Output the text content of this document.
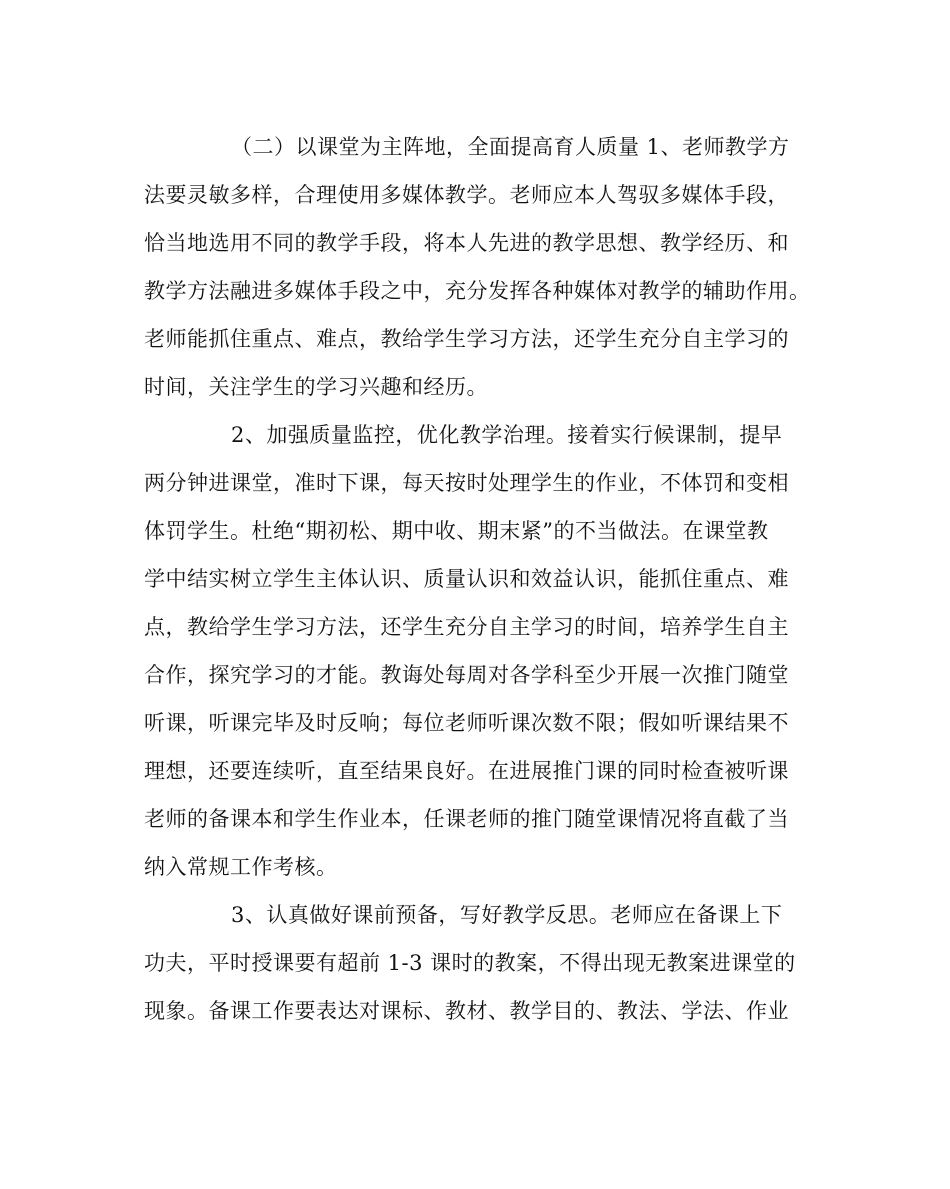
（二）以课堂为主阵地，全面提高育人质量 1、老师教学方
法要灵敏多样，合理使用多媒体教学。老师应本人驾驭多媒体手段，
恰当地选用不同的教学手段，将本人先进的教学思想、教学经历、和
教学方法融进多媒体手段之中，充分发挥各种媒体对教学的辅助作用。
老师能抓住重点、难点，教给学生学习方法，还学生充分自主学习的
时间，关注学生的学习兴趣和经历。
2、加强质量监控，优化教学治理。接着实行候课制，提早
两分钟进课堂，准时下课，每天按时处理学生的作业，不体罚和变相
体罚学生。杜绝“期初松、期中收、期末紧”的不当做法。在课堂教
学中结实树立学生主体认识、质量认识和效益认识，能抓住重点、难
点，教给学生学习方法，还学生充分自主学习的时间，培养学生自主
合作，探究学习的才能。教诲处每周对各学科至少开展一次推门随堂
听课，听课完毕及时反响；每位老师听课次数不限；假如听课结果不
理想，还要连续听，直至结果良好。在进展推门课的同时检查被听课
老师的备课本和学生作业本，任课老师的推门随堂课情况将直截了当
纳入常规工作考核。
3、认真做好课前预备，写好教学反思。老师应在备课上下
功夫，平时授课要有超前 1-3 课时的教案，不得出现无教案进课堂的
现象。备课工作要表达对课标、教材、教学目的、教法、学法、作业
